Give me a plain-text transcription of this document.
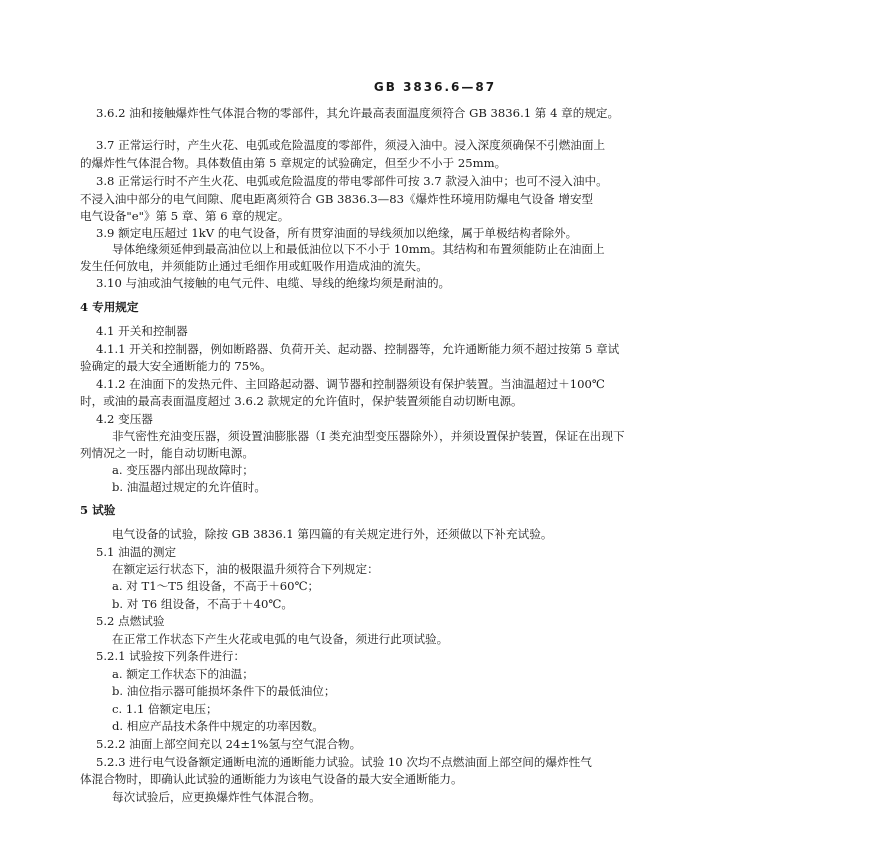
GB 3836.6—87
3.6.2 油和接触爆炸性气体混合物的零部件，其允许最高表面温度须符合 GB 3836.1 第 4 章的规定。
3.7 正常运行时，产生火花、电弧或危险温度的零部件，须浸入油中。浸入深度须确保不引燃油面上
的爆炸性气体混合物。具体数值由第 5 章规定的试验确定，但至少不小于 25mm。
3.8 正常运行时不产生火花、电弧或危险温度的带电零部件可按 3.7 款浸入油中；也可不浸入油中。
不浸入油中部分的电气间隙、爬电距离须符合 GB 3836.3—83《爆炸性环境用防爆电气设备 增安型
电气设备"e"》第 5 章、第 6 章的规定。
3.9 额定电压超过 1kV 的电气设备，所有贯穿油面的导线须加以绝缘，属于单极结构者除外。
导体绝缘须延伸到最高油位以上和最低油位以下不小于 10mm。其结构和布置须能防止在油面上
发生任何放电，并须能防止通过毛细作用或虹吸作用造成油的流失。
3.10 与油或油气接触的电气元件、电缆、导线的绝缘均须是耐油的。
4 专用规定
4.1 开关和控制器
4.1.1 开关和控制器，例如断路器、负荷开关、起动器、控制器等，允许通断能力须不超过按第 5 章试
验确定的最大安全通断能力的 75%。
4.1.2 在油面下的发热元件、主回路起动器、调节器和控制器须设有保护装置。当油温超过＋100℃
时，或油的最高表面温度超过 3.6.2 款规定的允许值时，保护装置须能自动切断电源。
4.2 变压器
非气密性充油变压器，须设置油膨胀器（I 类充油型变压器除外），并须设置保护装置，保证在出现下
列情况之一时，能自动切断电源。
a. 变压器内部出现故障时；
b. 油温超过规定的允许值时。
5 试验
电气设备的试验，除按 GB 3836.1 第四篇的有关规定进行外，还须做以下补充试验。
5.1 油温的测定
在额定运行状态下，油的极限温升须符合下列规定：
a. 对 T1～T5 组设备，不高于＋60℃；
b. 对 T6 组设备，不高于＋40℃。
5.2 点燃试验
在正常工作状态下产生火花或电弧的电气设备，须进行此项试验。
5.2.1 试验按下列条件进行：
a. 额定工作状态下的油温；
b. 油位指示器可能损坏条件下的最低油位；
c. 1.1 倍额定电压；
d. 相应产品技术条件中规定的功率因数。
5.2.2 油面上部空间充以 24±1%氢与空气混合物。
5.2.3 进行电气设备额定通断电流的通断能力试验。试验 10 次均不点燃油面上部空间的爆炸性气
体混合物时，即确认此试验的通断能力为该电气设备的最大安全通断能力。
每次试验后，应更换爆炸性气体混合物。
